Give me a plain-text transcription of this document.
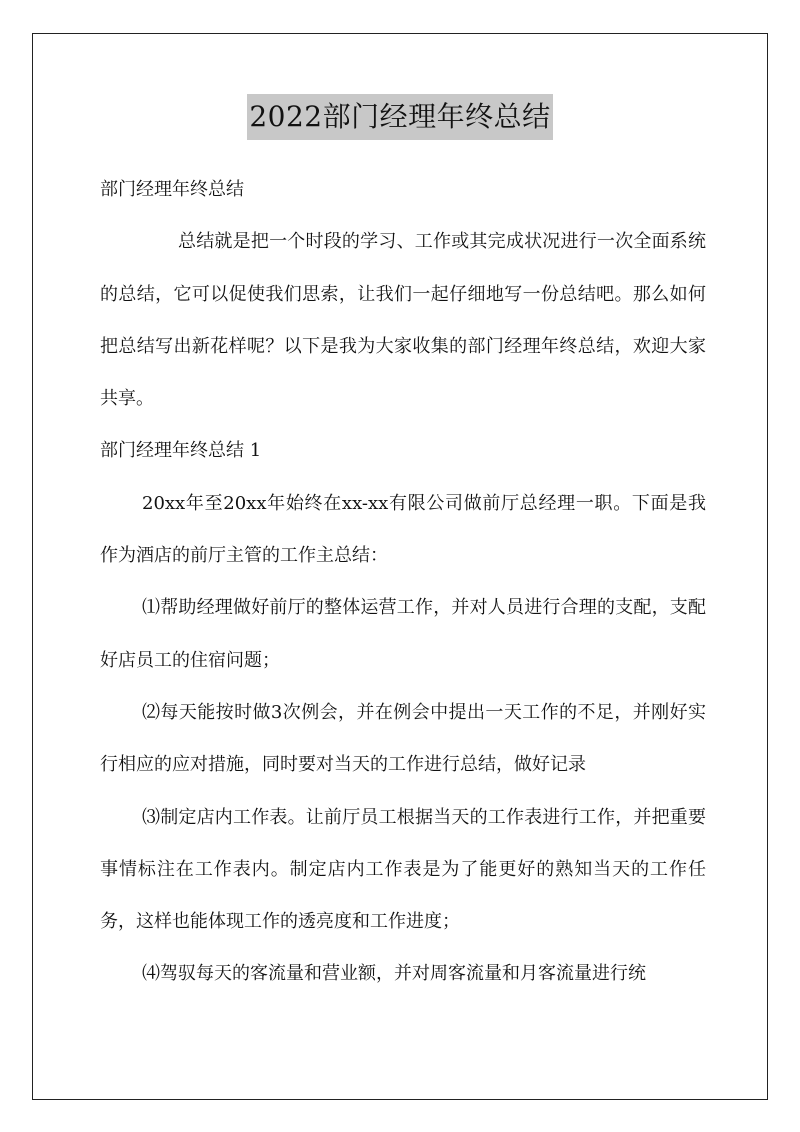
2022部门经理年终总结

部门经理年终总结

总结就是把一个时段的学习、工作或其完成状况进行一次全面系统的总结，它可以促使我们思索，让我们一起仔细地写一份总结吧。那么如何把总结写出新花样呢？以下是我为大家收集的部门经理年终总结，欢迎大家共享。

部门经理年终总结 1

20xx年至20xx年始终在xx-xx有限公司做前厅总经理一职。下面是我作为酒店的前厅主管的工作主总结：

⑴帮助经理做好前厅的整体运营工作，并对人员进行合理的支配，支配好店员工的住宿问题；

⑵每天能按时做3次例会，并在例会中提出一天工作的不足，并刚好实行相应的应对措施，同时要对当天的工作进行总结，做好记录

⑶制定店内工作表。让前厅员工根据当天的工作表进行工作，并把重要事情标注在工作表内。制定店内工作表是为了能更好的熟知当天的工作任务，这样也能体现工作的透亮度和工作进度；

⑷驾驭每天的客流量和营业额，并对周客流量和月客流量进行统
